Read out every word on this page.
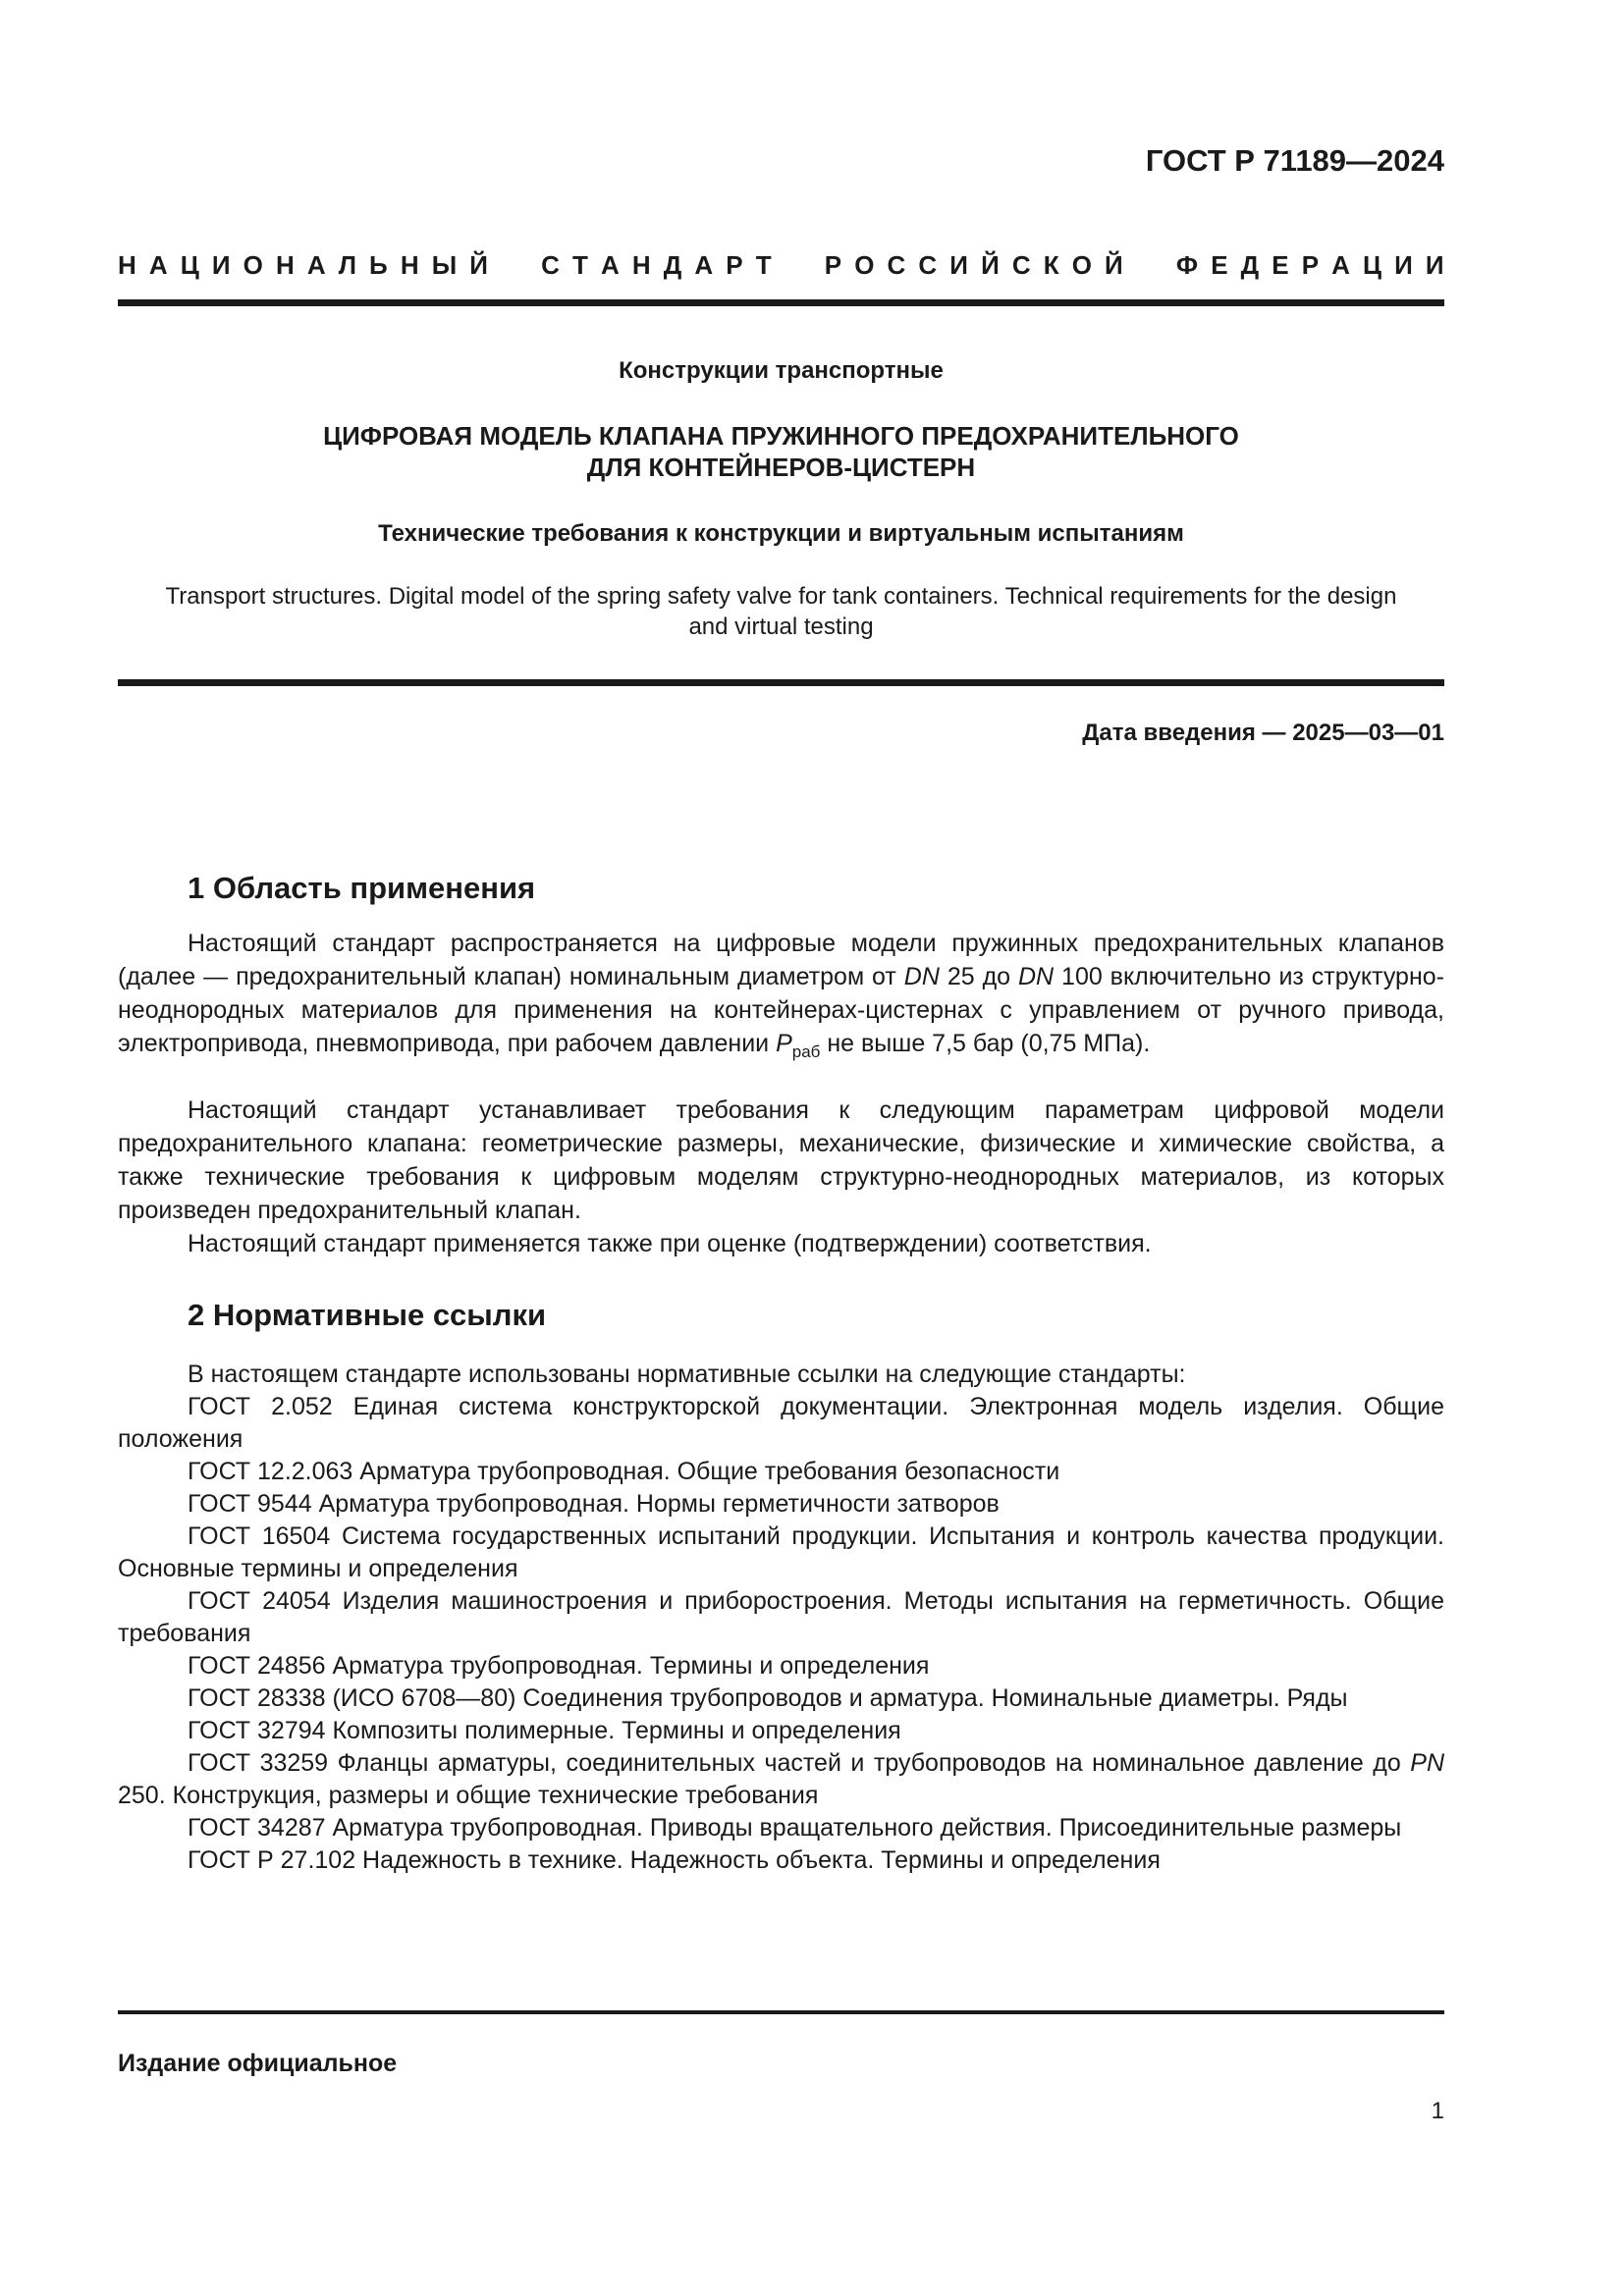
ГОСТ Р 71189—2024
Н А Ц И О Н А Л Ь Н Ы Й С Т А Н Д А Р Т Р О С С И Й С К О Й Ф Е Д Е Р А Ц И И
Конструкции транспортные
ЦИФРОВАЯ МОДЕЛЬ КЛАПАНА ПРУЖИННОГО ПРЕДОХРАНИТЕЛЬНОГО
ДЛЯ КОНТЕЙНЕРОВ-ЦИСТЕРН
Технические требования к конструкции и виртуальным испытаниям
Transport structures. Digital model of the spring safety valve for tank containers. Technical requirements for the design
and virtual testing
Дата введения — 2025—03—01
1 Область применения
Настоящий стандарт распространяется на цифровые модели пружинных предохранительных клапанов (далее — предохранительный клапан) номинальным диаметром от DN 25 до DN 100 включительно из структурно-неоднородных материалов для применения на контейнерах-цистернах с управлением от ручного привода, электропривода, пневмопривода, при рабочем давлении $P_{раб}$ не выше 7,5 бар (0,75 МПа).
Настоящий стандарт устанавливает требования к следующим параметрам цифровой модели предохранительного клапана: геометрические размеры, механические, физические и химические свойства, а также технические требования к цифровым моделям структурно-неоднородных материалов, из которых произведен предохранительный клапан.
Настоящий стандарт применяется также при оценке (подтверждении) соответствия.
2 Нормативные ссылки
В настоящем стандарте использованы нормативные ссылки на следующие стандарты:
ГОСТ 2.052 Единая система конструкторской документации. Электронная модель изделия. Общие положения
ГОСТ 12.2.063 Арматура трубопроводная. Общие требования безопасности
ГОСТ 9544 Арматура трубопроводная. Нормы герметичности затворов
ГОСТ 16504 Система государственных испытаний продукции. Испытания и контроль качества продукции. Основные термины и определения
ГОСТ 24054 Изделия машиностроения и приборостроения. Методы испытания на герметичность. Общие требования
ГОСТ 24856 Арматура трубопроводная. Термины и определения
ГОСТ 28338 (ИСО 6708—80) Соединения трубопроводов и арматура. Номинальные диаметры. Ряды
ГОСТ 32794 Композиты полимерные. Термины и определения
ГОСТ 33259 Фланцы арматуры, соединительных частей и трубопроводов на номинальное давление до PN 250. Конструкция, размеры и общие технические требования
ГОСТ 34287 Арматура трубопроводная. Приводы вращательного действия. Присоединительные размеры
ГОСТ Р 27.102 Надежность в технике. Надежность объекта. Термины и определения
Издание официальное
1
